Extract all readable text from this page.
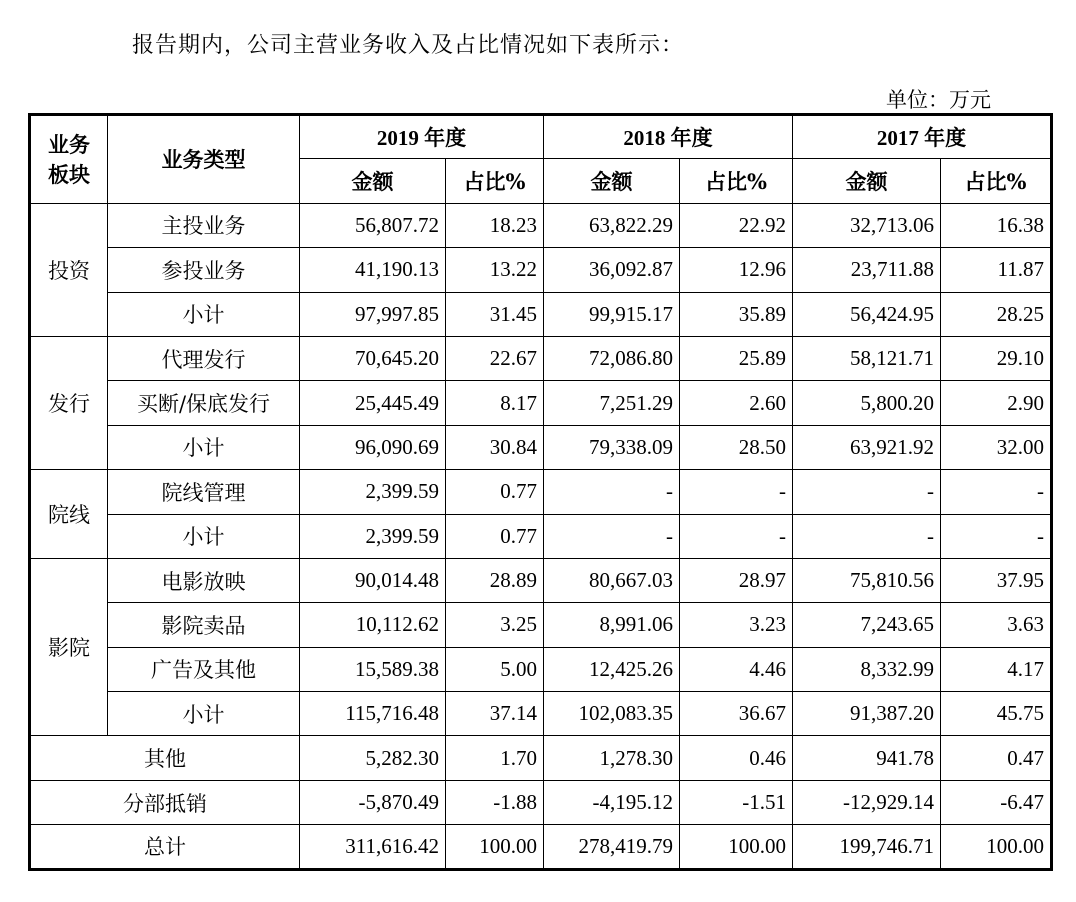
报告期内，公司主营业务收入及占比情况如下表所示：
单位：万元
业务
板块	业务类型	2019 年度		2018 年度		2017 年度	
		金额	占比%	金额	占比%	金额	占比%
投资	主投业务	56,807.72	18.23	63,822.29	22.92	32,713.06	16.38
	参投业务	41,190.13	13.22	36,092.87	12.96	23,711.88	11.87
	小计	97,997.85	31.45	99,915.17	35.89	56,424.95	28.25
发行	代理发行	70,645.20	22.67	72,086.80	25.89	58,121.71	29.10
	买断/保底发行	25,445.49	8.17	7,251.29	2.60	5,800.20	2.90
	小计	96,090.69	30.84	79,338.09	28.50	63,921.92	32.00
院线	院线管理	2,399.59	0.77	-	-	-	-
	小计	2,399.59	0.77	-	-	-	-
影院	电影放映	90,014.48	28.89	80,667.03	28.97	75,810.56	37.95
	影院卖品	10,112.62	3.25	8,991.06	3.23	7,243.65	3.63
	广告及其他	15,589.38	5.00	12,425.26	4.46	8,332.99	4.17
	小计	115,716.48	37.14	102,083.35	36.67	91,387.20	45.75
其他		5,282.30	1.70	1,278.30	0.46	941.78	0.47
分部抵销		-5,870.49	-1.88	-4,195.12	-1.51	-12,929.14	-6.47
总计		311,616.42	100.00	278,419.79	100.00	199,746.71	100.00
